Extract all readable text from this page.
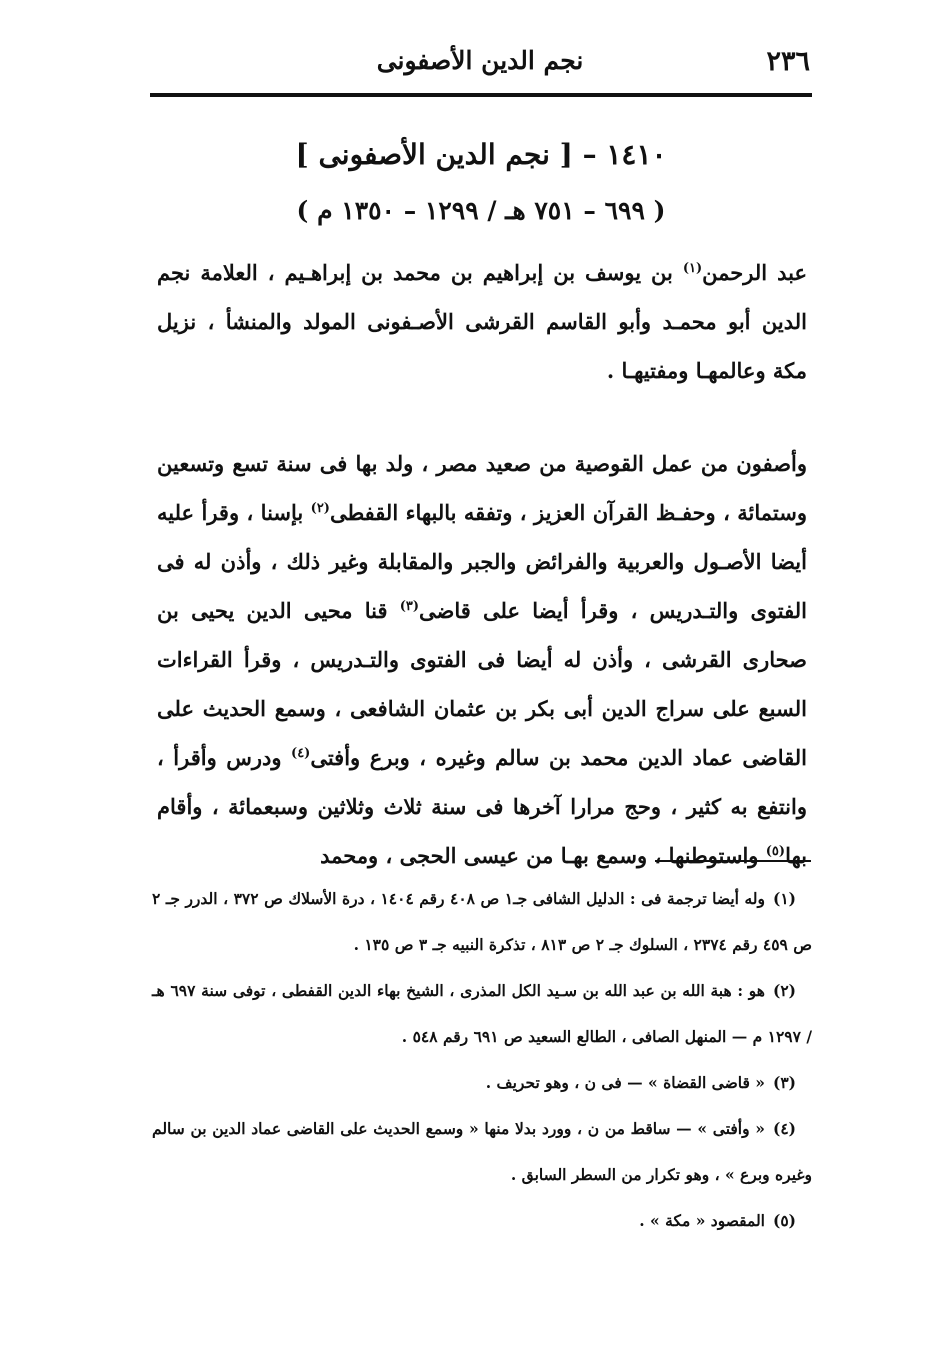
٢٣٦
نجم الدين الأصفونى
١٤١٠ – [ نجم الدين الأصفونى ]
( ٦٩٩ – ٧٥١ هـ / ١٢٩٩ – ١٣٥٠ م )

عبد الرحمن$^{(١)}$ بن يوسف بن إبراهيم بن محمد بن إبراهـيم ، العلامة نجم الدين أبو محمـد وأبو القاسم القرشى الأصـفونى المولد والمنشأ ، نزيل مكة وعالمهـا ومفتيهـا .

وأصفون من عمل القوصية من صعيد مصر ، ولد بها فى سنة تسع وتسعين وستمائة ، وحفـظ القرآن العزيز ، وتفقه بالبهاء القفطى$^{(٢)}$ بإسنا ، وقرأ عليه أيضا الأصـول والعربية والفرائض والجبر والمقابلة وغير ذلك ، وأذن له فى الفتوى والتـدريس ، وقرأ أيضا على قاضى$^{(٣)}$ قنا محيى الدين يحيى بن صحارى القرشى ، وأذن له أيضا فى الفتوى والتـدريس ، وقرأ القراءات السبع على سراج الدين أبى بكر بن عثمان الشافعى ، وسمع الحديث على القاضى عماد الدين محمد بن سالم وغيره ، وبرع وأفتى$^{(٤)}$ ودرس وأقرأ ، وانتفع به كثير ، وحج مرارا آخرها فى سنة ثلاث وثلاثين وسبعمائة ، وأقام بها$^{(٥)}$ واستوطنها ، وسمع بهـا من عيسى الحجى ، ومحمد

(١)وله أيضا ترجمة فى : الدليل الشافى جـ١ ص ٤٠٨ رقم ١٤٠٤ ، درة الأسلاك ص ٣٧٢ ، الدرر جـ ٢ ص ٤٥٩ رقم ٢٣٧٤ ، السلوك جـ ٢ ص ٨١٣ ، تذكرة النبيه جـ ٣ ص ١٣٥ .

(٢)هو : هبة الله بن عبد الله بن سـيد الكل المذرى ، الشيخ بهاء الدين القفطى ، توفى سنة ٦٩٧ هـ / ١٢٩٧ م — المنهل الصافى ، الطالع السعيد ص ٦٩١ رقم ٥٤٨ .

(٣)« قاضى القضاة » — فى ن ، وهو تحريف .

(٤)« وأفتى » — ساقط من ن ، وورد بدلا منها « وسمع الحديث على القاضى عماد الدين بن سالم وغيره وبرع » ، وهو تكرار من السطر السابق .

(٥)المقصود « مكة » .
